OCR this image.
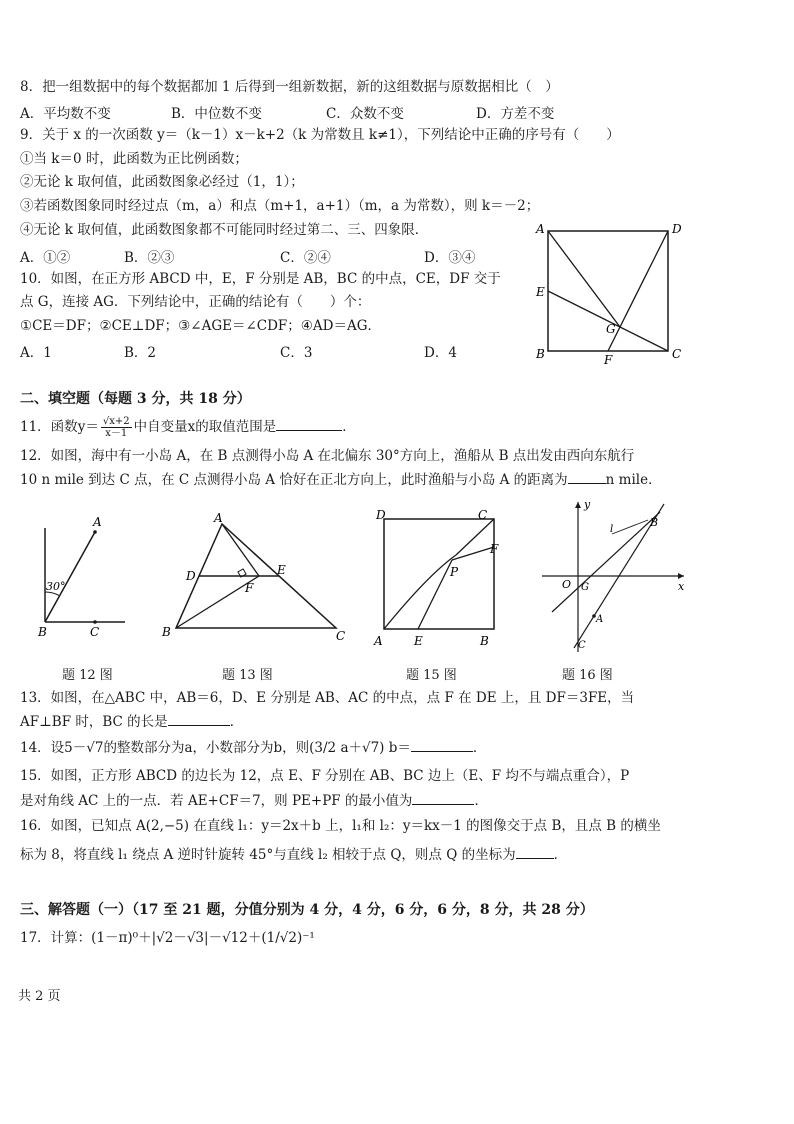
8．把一组数据中的每个数据都加 1 后得到一组新数据，新的这组数据与原数据相比（　）
A．平均数不变	B．中位数不变	C．众数不变	D．方差不变
9．关于 x 的一次函数 y＝（k－1）x－k+2（k 为常数且 k≠1），下列结论中正确的序号有（　　）
①当 k＝0 时，此函数为正比例函数；
②无论 k 取何值，此函数图象必经过（1，1）；
③若函数图象同时经过点（m，a）和点（m+1，a+1）（m，a 为常数），则 k＝－2；
④无论 k 取何值，此函数图象都不可能同时经过第二、三、四象限．
A．①②	B．②③	C．②④	D．③④
10．如图，在正方形 ABCD 中，E，F 分别是 AB，BC 的中点，CE，DF 交于
点 G，连接 AG．下列结论中，正确的结论有（　　）个：
①CE＝DF；②CE⊥DF；③∠AGE＝∠CDF；④AD＝AG．
A．1	B．2	C．3	D．4
A	D
E
G
B	F	C
二、填空题（每题 3 分，共 18 分）
11．函数$y= \frac{√x+2}{x-1}$ 中自变量x的取值范围是	．
12．如图，海中有一小岛 A，在 B 点测得小岛 A 在北偏东 30°方向上，渔船从 B 点出发由西向东航行
10 n mile 到达 C 点，在 C 点测得小岛 A 恰好在正北方向上，此时渔船与小岛 A 的距离为	n mile．
30°
A
B	C
A
D	E
F
B	C
D	C
F
P
A	E	B
y
x
O G
A
B
l
C
题 12 图	题 13 图	题 15 图	题 16 图
13．如图，在△ABC 中，AB＝6，D、E 分别是 AB、AC 的中点，点 F 在 DE 上，且 DF＝3FE，当
AF⊥BF 时，BC 的长是	．
14．设5－√7的整数部分为a，小数部分为b，则(3/2 a＋√7) b＝	．
15．如图，正方形 ABCD 的边长为 12，点 E、F 分别在 AB、BC 边上（E、F 均不与端点重合），P
是对角线 AC 上的一点．若 AE+CF＝7，则 PE+PF 的最小值为	．
16．如图，已知点 A(2,−5) 在直线 l₁：y＝2x＋b 上，l₁和 l₂：y＝kx－1 的图像交于点 B，且点 B 的横坐
标为 8，将直线 l₁ 绕点 A 逆时针旋转 45°与直线 l₂ 相较于点 Q，则点 Q 的坐标为	．
三、解答题（一）（17 至 21 题，分值分别为 4 分，4 分，6 分，6 分，8 分，共 28 分）
17．计算：(1－π)⁰＋|√2－√3|－√12＋(1/√2)⁻¹
共 2 页
